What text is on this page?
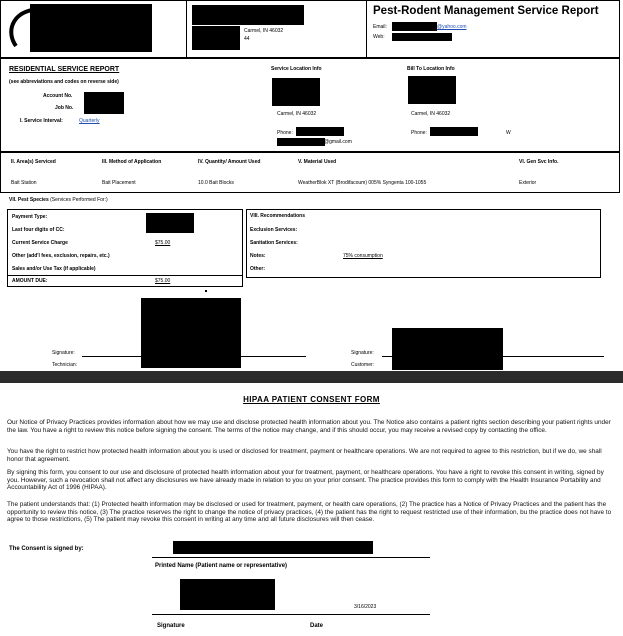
Carmel, IN 46032
44
Pest-Rodent Management Service Report
Email:	@yahoo.com
Web:
RESIDENTIAL SERVICE REPORT
(see abbreviations and codes on reverse side)
Account No.
Job No.
I. Service Interval:	Quarterly
Service Location Info	Bill To Location Info
Carmel, IN 46032	Carmel, IN 46032
Phone:
@gmail.com
Phone:	W
II. Area(s) Serviced	III. Method of Application	IV. Quantity/ Amount Used	V. Material Used	VI. Gen Svc Info.
Bait Station	Bait Placement	10.0 Bait Blocks	WeatherBlok XT (Brodifacoum) 005% Syngenta 100-1055	Exterior
VII. Pest Species (Services Performed For:)
Payment Type:
Last four digits of CC:
Current Service Charge	$75.00
Other (add'l fees, exclusion, repairs, etc.)
Sales and/or Use Tax (if applicable)
AMOUNT DUE:	$75.00
VIII. Recommendations
Exclusion Services:
Sanitation Services:
Notes:	75% consumption
Other:
Signature:
Technician:
Signature:
Customer:
HIPAA PATIENT CONSENT FORM
Our Notice of Privacy Practices provides information about how we may use and disclose protected health information about you. The Notice also contains a patient rights section describing your patient rights under the law. You have a right to review this notice before signing the consent. The terms of the notice may change, and if this should occur, you may receive a revised copy by contacting the office.
You have the right to restrict how protected health information about you is used or disclosed for treatment, payment or healthcare operations. We are not required to agree to this restriction, but if we do, we shall honor that agreement.
By signing this form, you consent to our use and disclosure of protected health information about your for treatment, payment, or healthcare operations. You have a right to revoke this consent in writing, signed by you. However, such a revocation shall not affect any disclosures we have already made in relation to you on your prior consent. The practice provides this form to comply with the Health Insurance Portability and Accountability Act of 1996 (HIPAA).
The patient understands that: (1) Protected health information may be disclosed or used for treatment, payment, or health care operations, (2) The practice has a Notice of Privacy Practices and the patient has the opportunity to review this notice, (3) The practice reserves the right to change the notice of privacy practices, (4) the patient has the right to request restricted use of their information, bu the practice does not have to agree to those restrictions, (5) The patient may revoke this consent in writing at any time and all future disclosures will then cease.
The Consent is signed by:
Printed Name (Patient name or representative)
3/16/2023
Signature	Date
